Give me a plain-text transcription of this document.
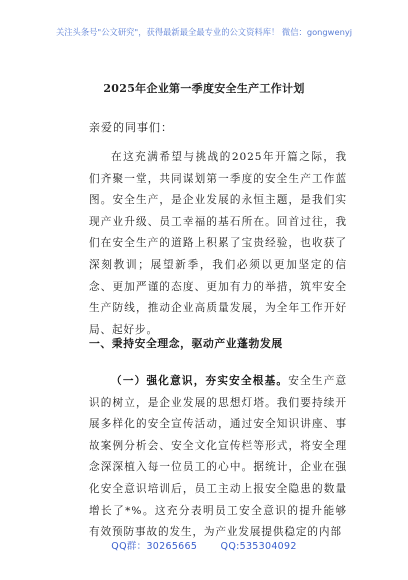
关注头条号"公文研究"，获得最新最全最专业的公文资料库！ 微信：gongwenyj
2025年企业第一季度安全生产工作计划
亲爱的同事们：
在这充满希望与挑战的2025年开篇之际，我们齐聚一堂，共同谋划第一季度的安全生产工作蓝图。安全生产，是企业发展的永恒主题，是我们实现产业升级、员工幸福的基石所在。回首过往，我们在安全生产的道路上积累了宝贵经验，也收获了深刻教训；展望新季，我们必须以更加坚定的信念、更加严谨的态度、更加有力的举措，筑牢安全生产防线，推动企业高质量发展，为全年工作开好局、起好步。
一、秉持安全理念，驱动产业蓬勃发展
（一）强化意识，夯实安全根基。安全生产意识的树立，是企业发展的思想灯塔。我们要持续开展多样化的安全宣传活动，通过安全知识讲座、事故案例分析会、安全文化宣传栏等形式，将安全理念深深植入每一位员工的心中。据统计，企业在强化安全意识培训后，员工主动上报安全隐患的数量增长了*%。这充分表明员工安全意识的提升能够有效预防事故的发生，为产业发展提供稳定的内部
QQ群：30265665 QQ:535304092
